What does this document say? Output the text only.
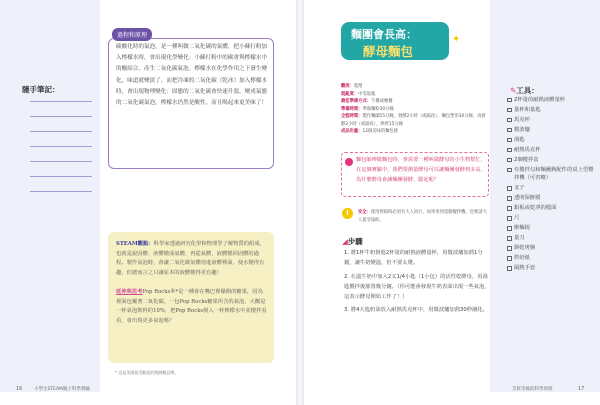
隨手筆記：
過程和原理
碳酸化時的氣泡，是一種叫做二氧化碳的氣體，把小蘇打粉加入檸檬水時，會出現化學變化：小蘇打粉中的碳會與檸檬水中的酸結合，產生二氧化碳氣泡。檸檬水在化學作用之下發生變化，味道就變淡了。而把冷凍的二氧化碳（乾冰）加入檸檬水時，會出現物理變化：固態的二氧化碳會快速升溫，變成氣態的二氧化碳氣泡。檸檬水仍然是酸性，而且喝起來更美味了！
STEAM觀點：科學家透過研究化學和物理學了解物質的組成，也就是說因體、液體變成氣體，再從氣體，液體變回固體的過程。製作氣泡時，會讓二氧化碳氣體溶進液體裡面，使水變得有趣，但總而言之只讓原本的液體變得更有趣！

延伸與思考Pop Rocks®*是一種會在嘴巴裡爆開的糖果，因為裡面包覆著二氧化碳。一包Pop Rocks糖果所含的氣泡，大概是一杯氣泡飲料的10%，把Pop Rocks倒入一杯檸檬水中並攪拌看看，會出現更多氣泡嗎？
* 這是美國很受歡迎的跳跳糖品牌。
16	小學生STEAM親子科學實驗
麵團會長高：
酵母麵包
✦
難度：進階
混亂度：中等混亂
最佳準備方式：午餐或晚餐
準備時間：準備麵粉30分鐘
全程時間：製作麵團15分鐘，發酵2小時（或隔夜），麵包塑形30分鐘，再發酵2小時（或隔夜），烘烤15分鐘
成品份量：12個美味的麵包捲
麵包師傅做麵包時，會需要一種叫做酵母的小生物幫忙，在這個實驗中，我們要測量酵母可以讓麵團發酵到多高，為什麼酵母會讓麵團發酵、膨起呢？
!	安全：使用烤箱時必須有大人同行，如果用到電動攪拌機，也要請大人從旁協助。
◢步驟

1. 將1杯牛奶倒進2杯量的耐熱液體量杯，用微波爐加熱1分鐘，讓牛奶變溫，但不要太燙。

2. 在溫牛奶中加入2又1/4小匙（1小包）的活性乾酵母，用湯匙攪拌後靜置幾分鐘。（你可能會發現牛奶表面出現一些氣泡，這表示酵母開始工作了！）

3. 將4大匙奶油放入耐熱馬克杯中，用微波爐加熱30秒融化。

✎工具：
2杯量的耐熱液體量杯
量杯和量匙
馬克杯
微波爐
湯匙
耐熱馬克杯
2個攪拌盆
有攪拌勾和麵團鉤配件的桌上型攪拌機（可省略）
叉子
透明保鮮膜
鋁板或乾淨的檯面
尺
擀麵棍
量刀
餅乾烤盤
烘焙紙
隔熱手套
烹飪等後的科學原理	17
